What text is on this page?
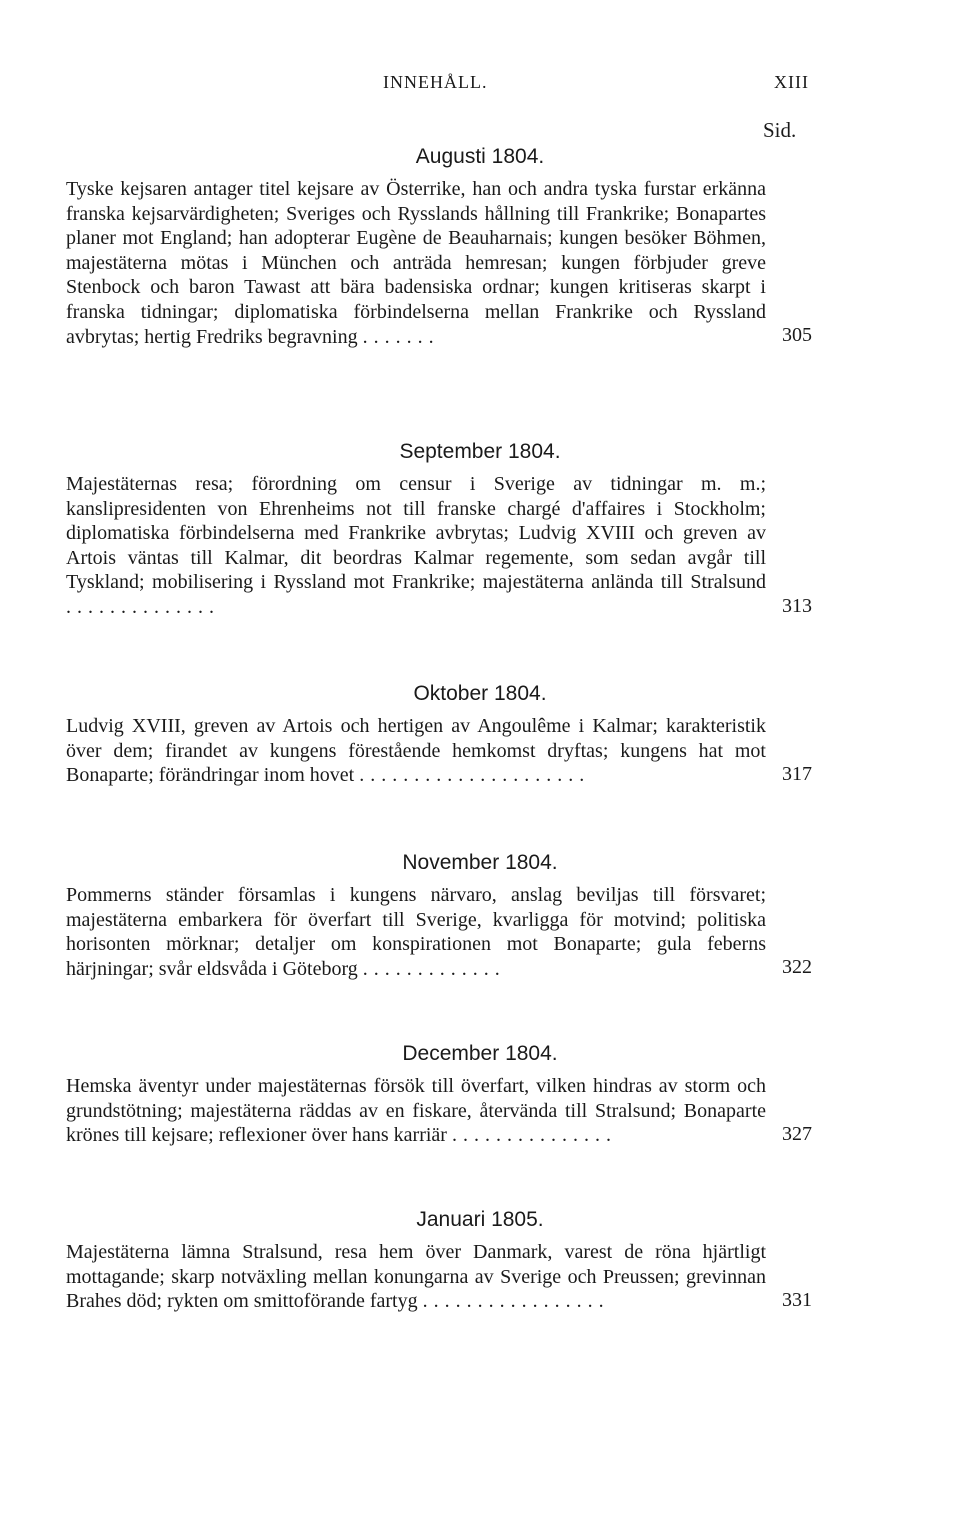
INNEHÅLL.	XIII
Sid.
Augusti 1804.

Tyske kejsaren antager titel kejsare av Österrike, han och andra tyska furstar erkänna franska kejsarvärdigheten; Sveriges och Rysslands hållning till Frankrike; Bonapartes planer mot England; han adopterar Eugène de Beauharnais; kungen besöker Böhmen, majestäterna mötas i München och anträda hemresan; kungen förbjuder greve Stenbock och baron Tawast att bära badensiska ordnar; kungen kritiseras skarpt i franska tidningar; diplomatiska förbindelserna mellan Frankrike och Ryssland avbrytas; hertig Fredriks begravning .......	305
September 1804.

Majestäternas resa; förordning om censur i Sverige av tidningar m. m.; kanslipresidenten von Ehrenheims not till franske chargé d'affaires i Stockholm; diplomatiska förbindelserna med Frankrike avbrytas; Ludvig XVIII och greven av Artois väntas till Kalmar, dit beordras Kalmar regemente, som sedan avgår till Tyskland; mobilisering i Ryssland mot Frankrike; majestäterna anlända till Stralsund ..............	313
Oktober 1804.

Ludvig XVIII, greven av Artois och hertigen av Angoulême i Kalmar; karakteristik över dem; firandet av kungens förestående hemkomst dryftas; kungens hat mot Bonaparte; förändringar inom hovet .....................	317
November 1804.

Pommerns ständer församlas i kungens närvaro, anslag beviljas till försvaret; majestäterna embarkera för överfart till Sverige, kvarligga för motvind; politiska horisonten mörknar; detaljer om konspirationen mot Bonaparte; gula feberns härjningar; svår eldsvåda i Göteborg .............	322
December 1804.

Hemska äventyr under majestäternas försök till överfart, vilken hindras av storm och grundstötning; majestäterna räddas av en fiskare, återvända till Stralsund; Bonaparte krönes till kejsare; reflexioner över hans karriär ...............	327
Januari 1805.

Majestäterna lämna Stralsund, resa hem över Danmark, varest de röna hjärtligt mottagande; skarp notväxling mellan konungarna av Sverige och Preussen; grevinnan Brahes död; rykten om smittoförande fartyg .................	331
